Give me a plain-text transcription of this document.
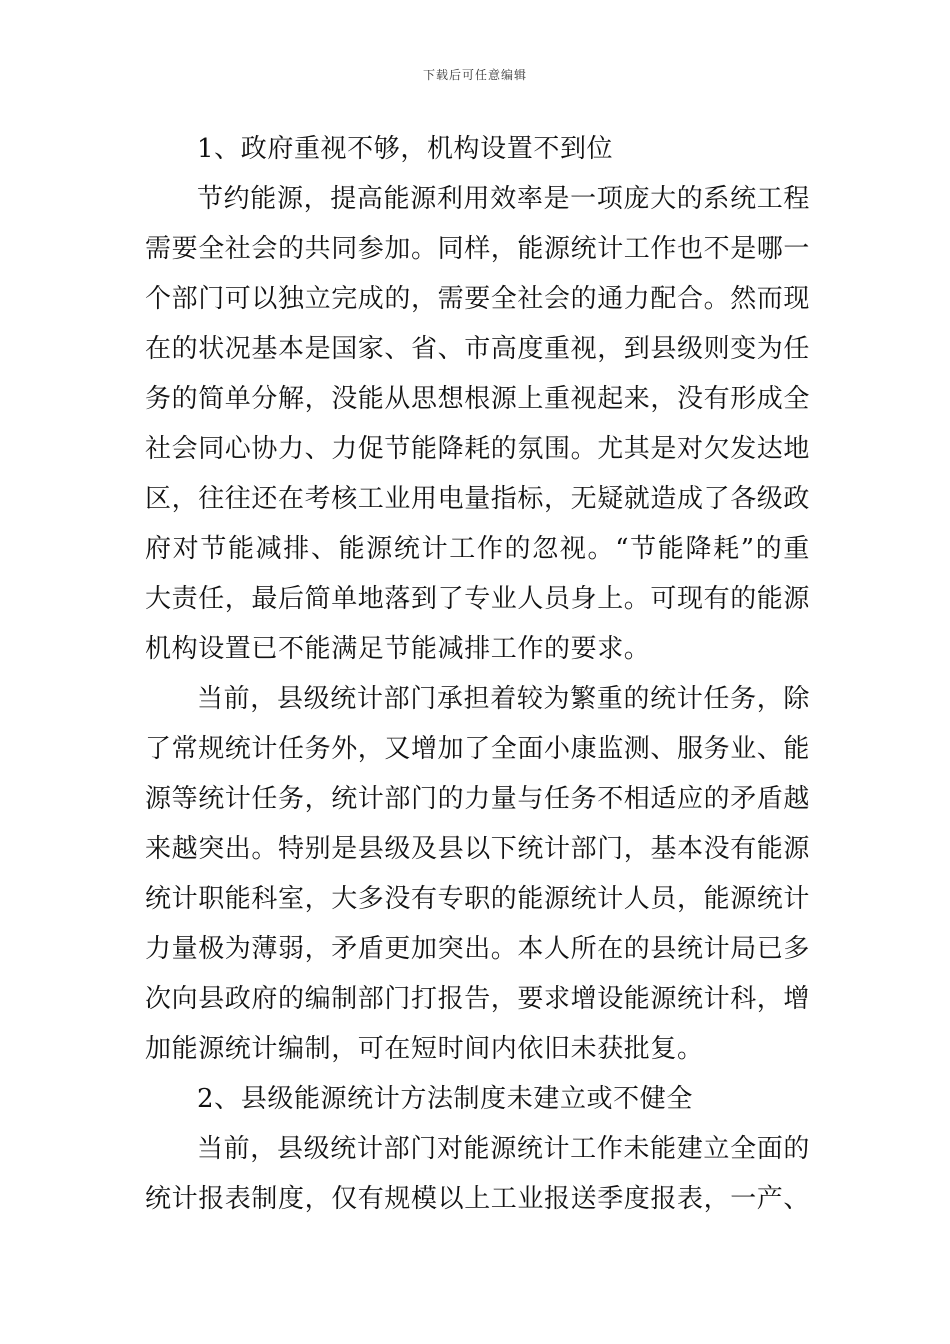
下载后可任意编辑

1、政府重视不够，机构设置不到位

节约能源，提高能源利用效率是一项庞大的系统工程需要全社会的共同参加。同样，能源统计工作也不是哪一个部门可以独立完成的，需要全社会的通力配合。然而现在的状况基本是国家、省、市高度重视，到县级则变为任务的简单分解，没能从思想根源上重视起来，没有形成全社会同心协力、力促节能降耗的氛围。尤其是对欠发达地区，往往还在考核工业用电量指标，无疑就造成了各级政府对节能减排、能源统计工作的忽视。“节能降耗”的重大责任，最后简单地落到了专业人员身上。可现有的能源机构设置已不能满足节能减排工作的要求。

当前，县级统计部门承担着较为繁重的统计任务，除了常规统计任务外，又增加了全面小康监测、服务业、能源等统计任务，统计部门的力量与任务不相适应的矛盾越来越突出。特别是县级及县以下统计部门，基本没有能源统计职能科室，大多没有专职的能源统计人员，能源统计力量极为薄弱，矛盾更加突出。本人所在的县统计局已多次向县政府的编制部门打报告，要求增设能源统计科，增加能源统计编制，可在短时间内依旧未获批复。

2、县级能源统计方法制度未建立或不健全

当前，县级统计部门对能源统计工作未能建立全面的统计报表制度，仅有规模以上工业报送季度报表，一产、
